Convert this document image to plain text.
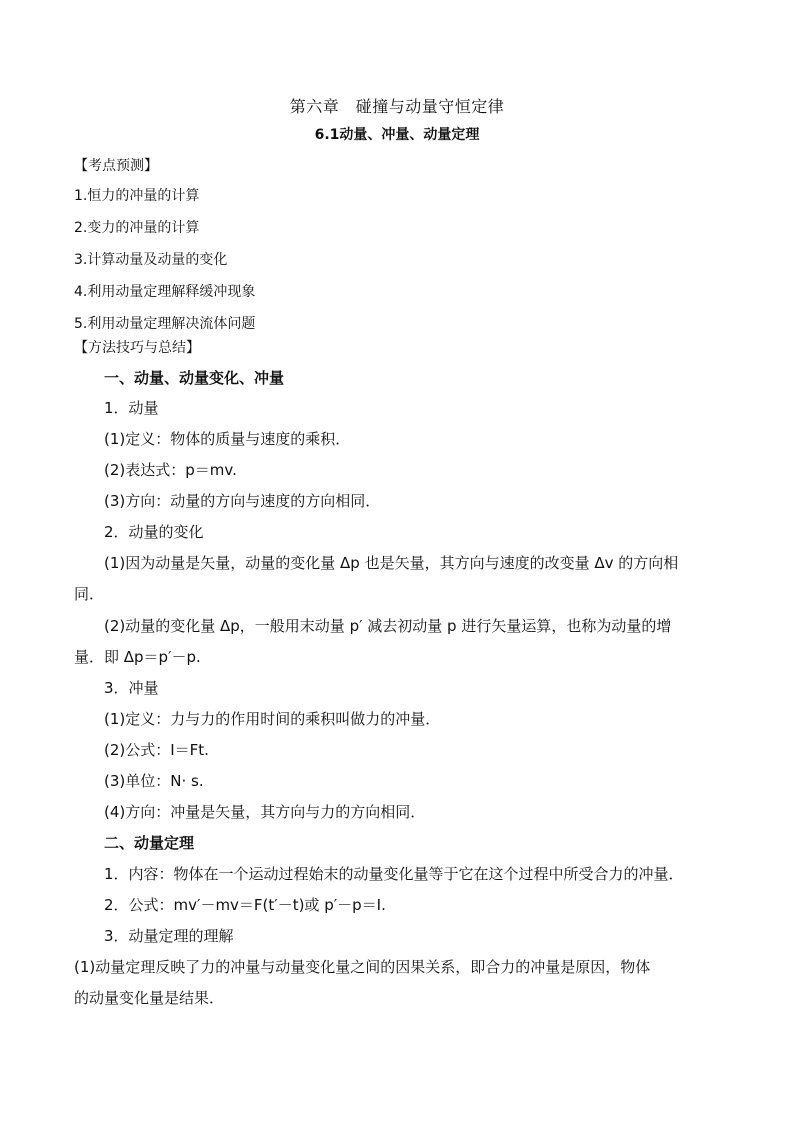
第六章　碰撞与动量守恒定律
6.1动量、冲量、动量定理
【考点预测】
1.恒力的冲量的计算
2.变力的冲量的计算
3.计算动量及动量的变化
4.利用动量定理解释缓冲现象
5.利用动量定理解决流体问题
【方法技巧与总结】
一、动量、动量变化、冲量
1．动量
(1)定义：物体的质量与速度的乘积．
(2)表达式：p＝mv.
(3)方向：动量的方向与速度的方向相同．
2．动量的变化
(1)因为动量是矢量，动量的变化量 Δp 也是矢量，其方向与速度的改变量 Δv 的方向相
同．
(2)动量的变化量 Δp，一般用末动量 p′ 减去初动量 p 进行矢量运算，也称为动量的增
量．即 Δp＝p′－p.
3．冲量
(1)定义：力与力的作用时间的乘积叫做力的冲量．
(2)公式：I＝Ft.
(3)单位：N· s.
(4)方向：冲量是矢量，其方向与力的方向相同．
二、动量定理
1．内容：物体在一个运动过程始末的动量变化量等于它在这个过程中所受合力的冲量．
2．公式：mv′－mv＝F(t′－t)或 p′－p＝I.
3．动量定理的理解
(1)动量定理反映了力的冲量与动量变化量之间的因果关系，即合力的冲量是原因，物体
的动量变化量是结果．
